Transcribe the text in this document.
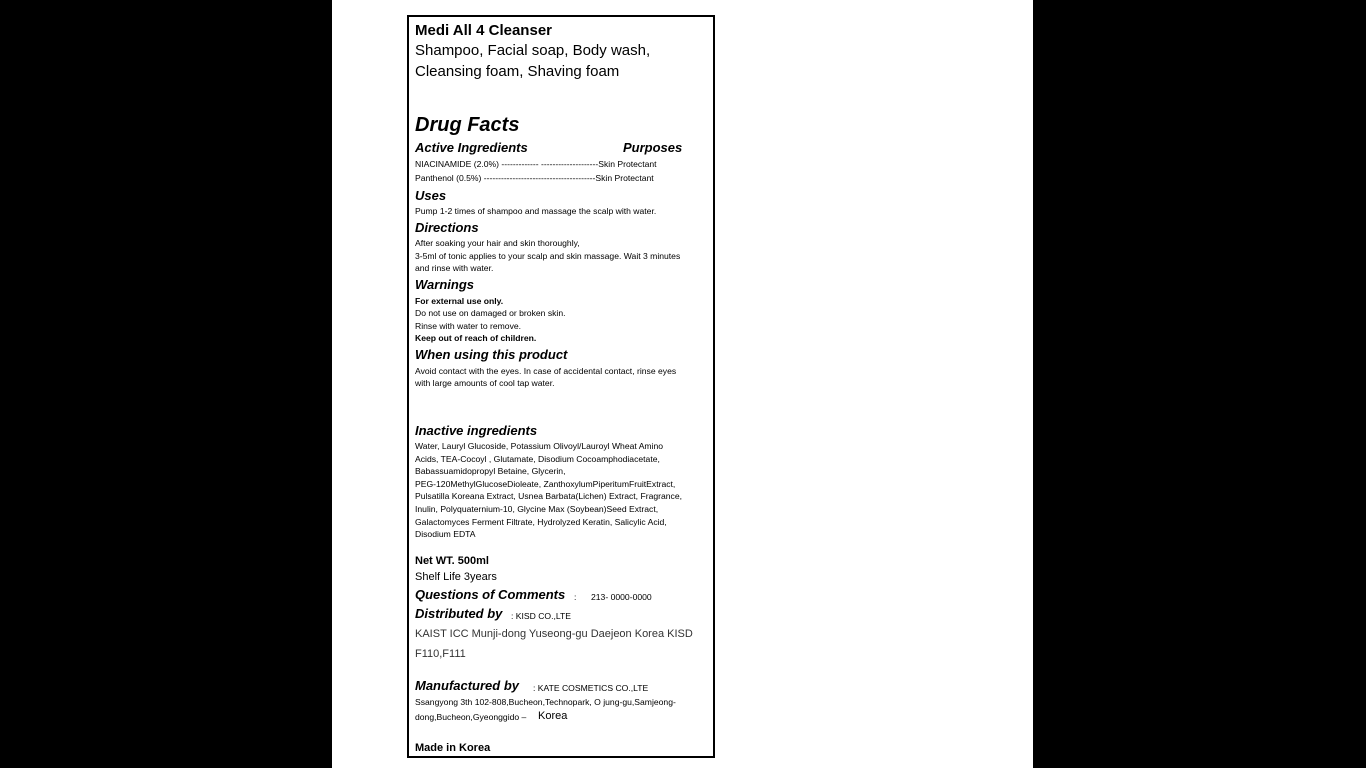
Medi All 4 Cleanser
Shampoo, Facial soap, Body wash,
Cleansing foam, Shaving foam
Drug Facts
Active Ingredients	Purposes
NIACINAMIDE (2.0%) ------------- --------------------Skin Protectant
Panthenol (0.5%) ---------------------------------------Skin Protectant
Uses
Pump 1-2 times of shampoo and massage the scalp with water.
Directions
After soaking your hair and skin thoroughly,
3-5ml of tonic applies to your scalp and skin massage. Wait 3 minutes
and rinse with water.
Warnings
For external use only.
Do not use on damaged or broken skin.
Rinse with water to remove.
Keep out of reach of children.
When using this product
Avoid contact with the eyes. In case of accidental contact, rinse eyes
with large amounts of cool tap water.
Inactive ingredients
Water, Lauryl Glucoside, Potassium Olivoyl/Lauroyl Wheat Amino
Acids, TEA-Cocoyl , Glutamate, Disodium Cocoamphodiacetate,
Babassuamidopropyl Betaine, Glycerin,
PEG-120MethylGlucoseDioleate, ZanthoxylumPiperitumFruitExtract,
Pulsatilla Koreana Extract, Usnea Barbata(Lichen) Extract, Fragrance,
Inulin, Polyquaternium-10, Glycine Max (Soybean)Seed Extract,
Galactomyces Ferment Filtrate, Hydrolyzed Keratin, Salicylic Acid,
Disodium EDTA
Net WT. 500ml
Shelf Life 3years
Questions of Comments : 213- 0000-0000
Distributed by : KISD CO.,LTE
KAIST ICC Munji-dong Yuseong-gu Daejeon Korea KISD
F110,F111
Manufactured by : KATE COSMETICS CO.,LTE
Ssangyong 3th 102-808,Bucheon,Technopark, O jung-gu,Samjeong-
dong,Bucheon,Gyeonggido – Korea
Made in Korea
